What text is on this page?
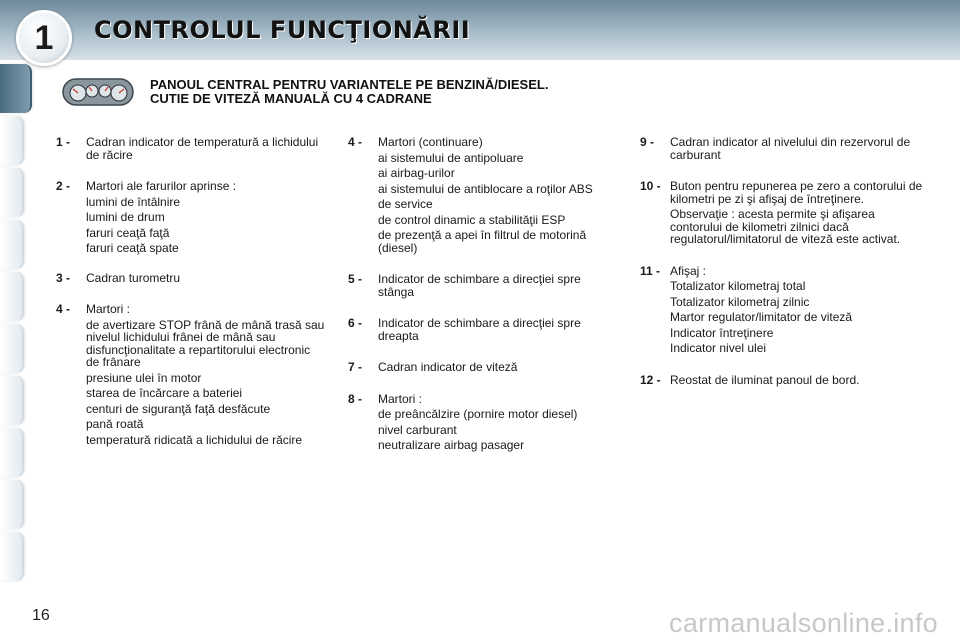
1	CONTROLUL FUNCŢIONĂRII
PANOUL CENTRAL PENTRU VARIANTELE PE BENZINĂ/DIESEL.
CUTIE DE VITEZĂ MANUALĂ CU 4 CADRANE
1 -	Cadran indicator de temperatură a lichidului de răcire
2 -	Martori ale farurilor aprinse :
lumini de întâlnire
lumini de drum
faruri ceaţă faţă
faruri ceaţă spate
3 -	Cadran turometru
4 -	Martori :
de avertizare STOP frână de mână trasă sau nivelul lichidului frânei de mână sau disfuncţionalitate a repartitorului electronic de frânare
presiune ulei în motor
starea de încărcare a bateriei
centuri de siguranţă faţă desfăcute
pană roată
temperatură ridicată a lichidului de răcire
4 -	Martori (continuare)
ai sistemului de antipoluare
ai airbag-urilor
ai sistemului de antiblocare a roţilor ABS
de service
de control dinamic a stabilităţii ESP
de prezenţă a apei în filtrul de motorină (diesel)
5 -	Indicator de schimbare a direcţiei spre stânga
6 -	Indicator de schimbare a direcţiei spre dreapta
7 -	Cadran indicator de viteză
8 -	Martori :
de preâncălzire (pornire motor diesel)
nivel carburant
neutralizare airbag pasager
9 -	Cadran indicator al nivelului din rezervorul de carburant
10 - Buton pentru repunerea pe zero a contorului de kilometri pe zi şi afişaj de întreţinere.
Observaţie : acesta permite şi afişarea contorului de kilometri zilnici dacă regulatorul/limitatorul de viteză este activat.
11 - Afişaj :
Totalizator kilometraj total
Totalizator kilometraj zilnic
Martor regulator/limitator de viteză
Indicator întreţinere
Indicator nivel ulei
12 - Reostat de iluminat panoul de bord.
16	carmanualsonline.info
